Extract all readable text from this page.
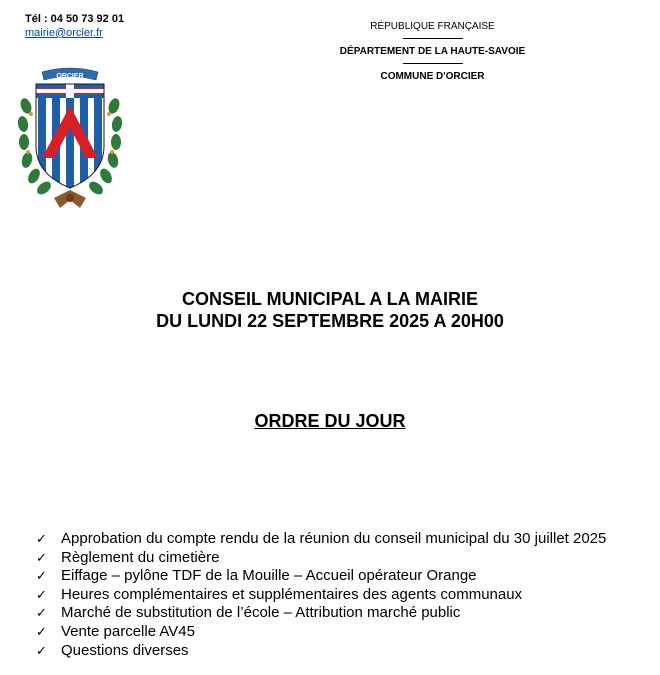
Tél : 04 50 73 92 01
mairie@orcier.fr
ORCIER
RÉPUBLIQUE FRANÇAISE
DÉPARTEMENT DE LA HAUTE-SAVOIE
COMMUNE D'ORCIER
CONSEIL MUNICIPAL A LA MAIRIE
DU LUNDI 22 SEPTEMBRE 2025 A 20H00
ORDRE DU JOUR
✓ Approbation du compte rendu de la réunion du conseil municipal du 30 juillet 2025
✓ Règlement du cimetière
✓ Eiffage – pylône TDF de la Mouille – Accueil opérateur Orange
✓ Heures complémentaires et supplémentaires des agents communaux
✓ Marché de substitution de l’école – Attribution marché public
✓ Vente parcelle AV45
✓ Questions diverses
